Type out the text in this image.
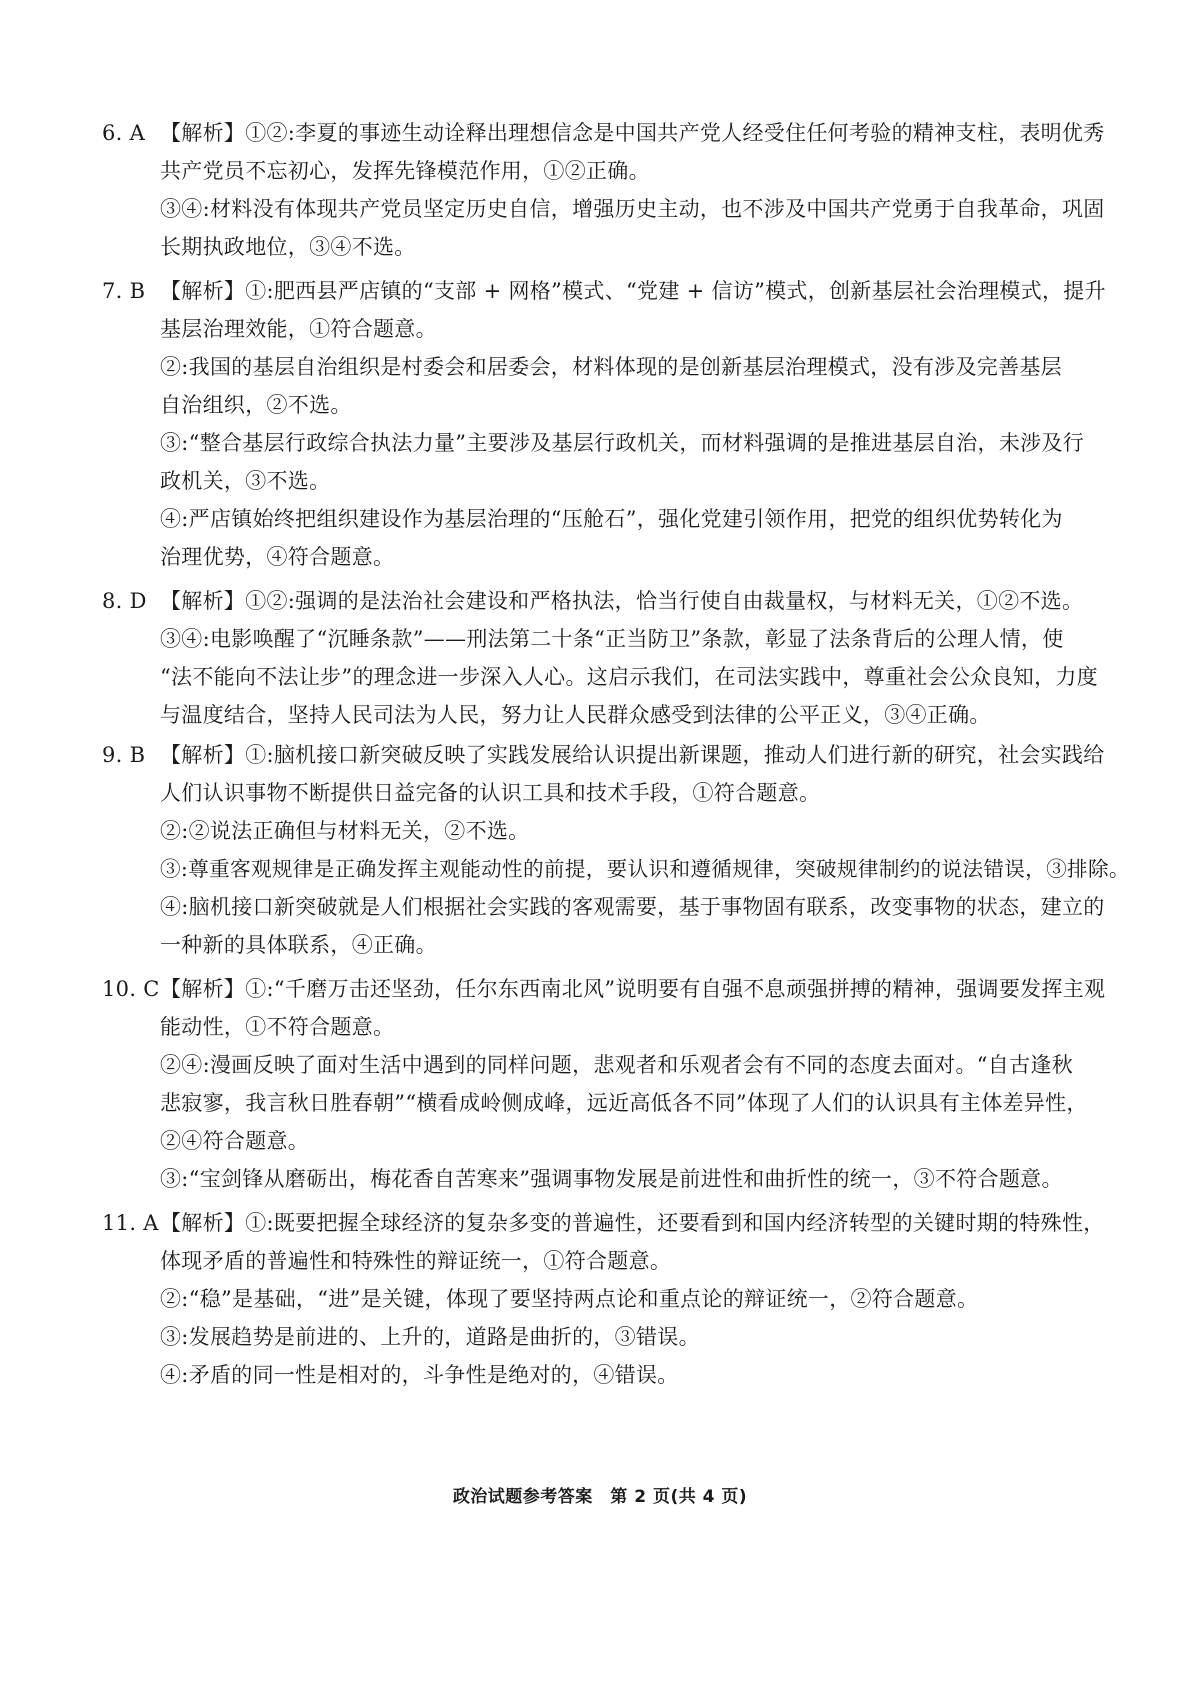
6. A 【解析】①②:李夏的事迹生动诠释出理想信念是中国共产党人经受住任何考验的精神支柱，表明优秀
共产党员不忘初心，发挥先锋模范作用，①②正确。
③④:材料没有体现共产党员坚定历史自信，增强历史主动，也不涉及中国共产党勇于自我革命，巩固
长期执政地位，③④不选。
7. B 【解析】①:肥西县严店镇的“支部 + 网格”模式、“党建 + 信访”模式，创新基层社会治理模式，提升
基层治理效能，①符合题意。
②:我国的基层自治组织是村委会和居委会，材料体现的是创新基层治理模式，没有涉及完善基层
自治组织，②不选。
③:“整合基层行政综合执法力量”主要涉及基层行政机关，而材料强调的是推进基层自治，未涉及行
政机关，③不选。
④:严店镇始终把组织建设作为基层治理的“压舱石”，强化党建引领作用，把党的组织优势转化为
治理优势，④符合题意。
8. D 【解析】①②:强调的是法治社会建设和严格执法，恰当行使自由裁量权，与材料无关，①②不选。
③④:电影唤醒了“沉睡条款”——刑法第二十条“正当防卫”条款，彰显了法条背后的公理人情，使
“法不能向不法让步”的理念进一步深入人心。这启示我们，在司法实践中，尊重社会公众良知，力度
与温度结合，坚持人民司法为人民，努力让人民群众感受到法律的公平正义，③④正确。
9. B 【解析】①:脑机接口新突破反映了实践发展给认识提出新课题，推动人们进行新的研究，社会实践给
人们认识事物不断提供日益完备的认识工具和技术手段，①符合题意。
②:②说法正确但与材料无关，②不选。
③:尊重客观规律是正确发挥主观能动性的前提，要认识和遵循规律，突破规律制约的说法错误，③排除。
④:脑机接口新突破就是人们根据社会实践的客观需要，基于事物固有联系，改变事物的状态，建立的
一种新的具体联系，④正确。
10. C 【解析】①:“千磨万击还坚劲，任尔东西南北风”说明要有自强不息顽强拼搏的精神，强调要发挥主观
能动性，①不符合题意。
②④:漫画反映了面对生活中遇到的同样问题，悲观者和乐观者会有不同的态度去面对。“自古逢秋
悲寂寥，我言秋日胜春朝”“横看成岭侧成峰，远近高低各不同”体现了人们的认识具有主体差异性，
②④符合题意。
③:“宝剑锋从磨砺出，梅花香自苦寒来”强调事物发展是前进性和曲折性的统一，③不符合题意。
11. A 【解析】①:既要把握全球经济的复杂多变的普遍性，还要看到和国内经济转型的关键时期的特殊性，
体现矛盾的普遍性和特殊性的辩证统一，①符合题意。
②:“稳”是基础，“进”是关键，体现了要坚持两点论和重点论的辩证统一，②符合题意。
③:发展趋势是前进的、上升的，道路是曲折的，③错误。
④:矛盾的同一性是相对的，斗争性是绝对的，④错误。
政治试题参考答案　第 2 页(共 4 页)
